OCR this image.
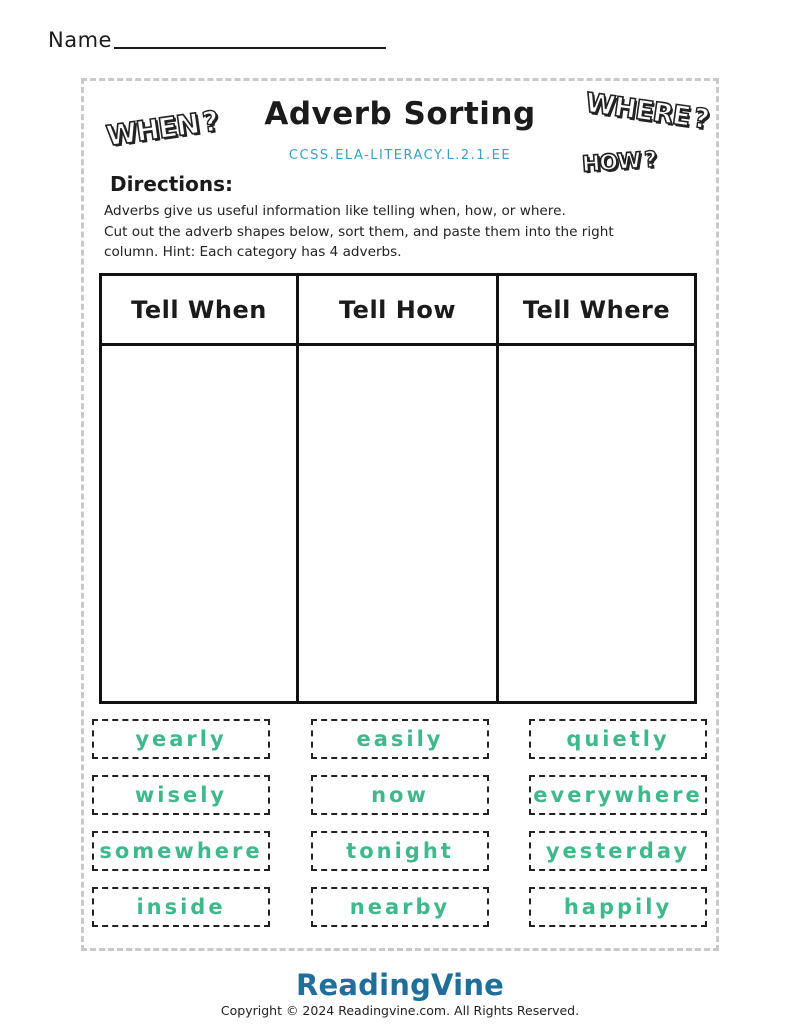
Name
WHEN?	WHERE?
HOW ?
Adverb Sorting
CCSS.ELA-LITERACY.L.2.1.EE
Directions:

Adverbs give us useful information like telling when, how, or where.

Cut out the adverb shapes below, sort them, and paste them into the right

column. Hint: Each category has 4 adverbs.

Tell When	Tell How	Tell Where
yearly	easily	quietly
wisely	now	everywhere
somewhere	tonight	yesterday
inside	nearby	happily
ReadingVine
Copyright © 2024 Readingvine.com. All Rights Reserved.
